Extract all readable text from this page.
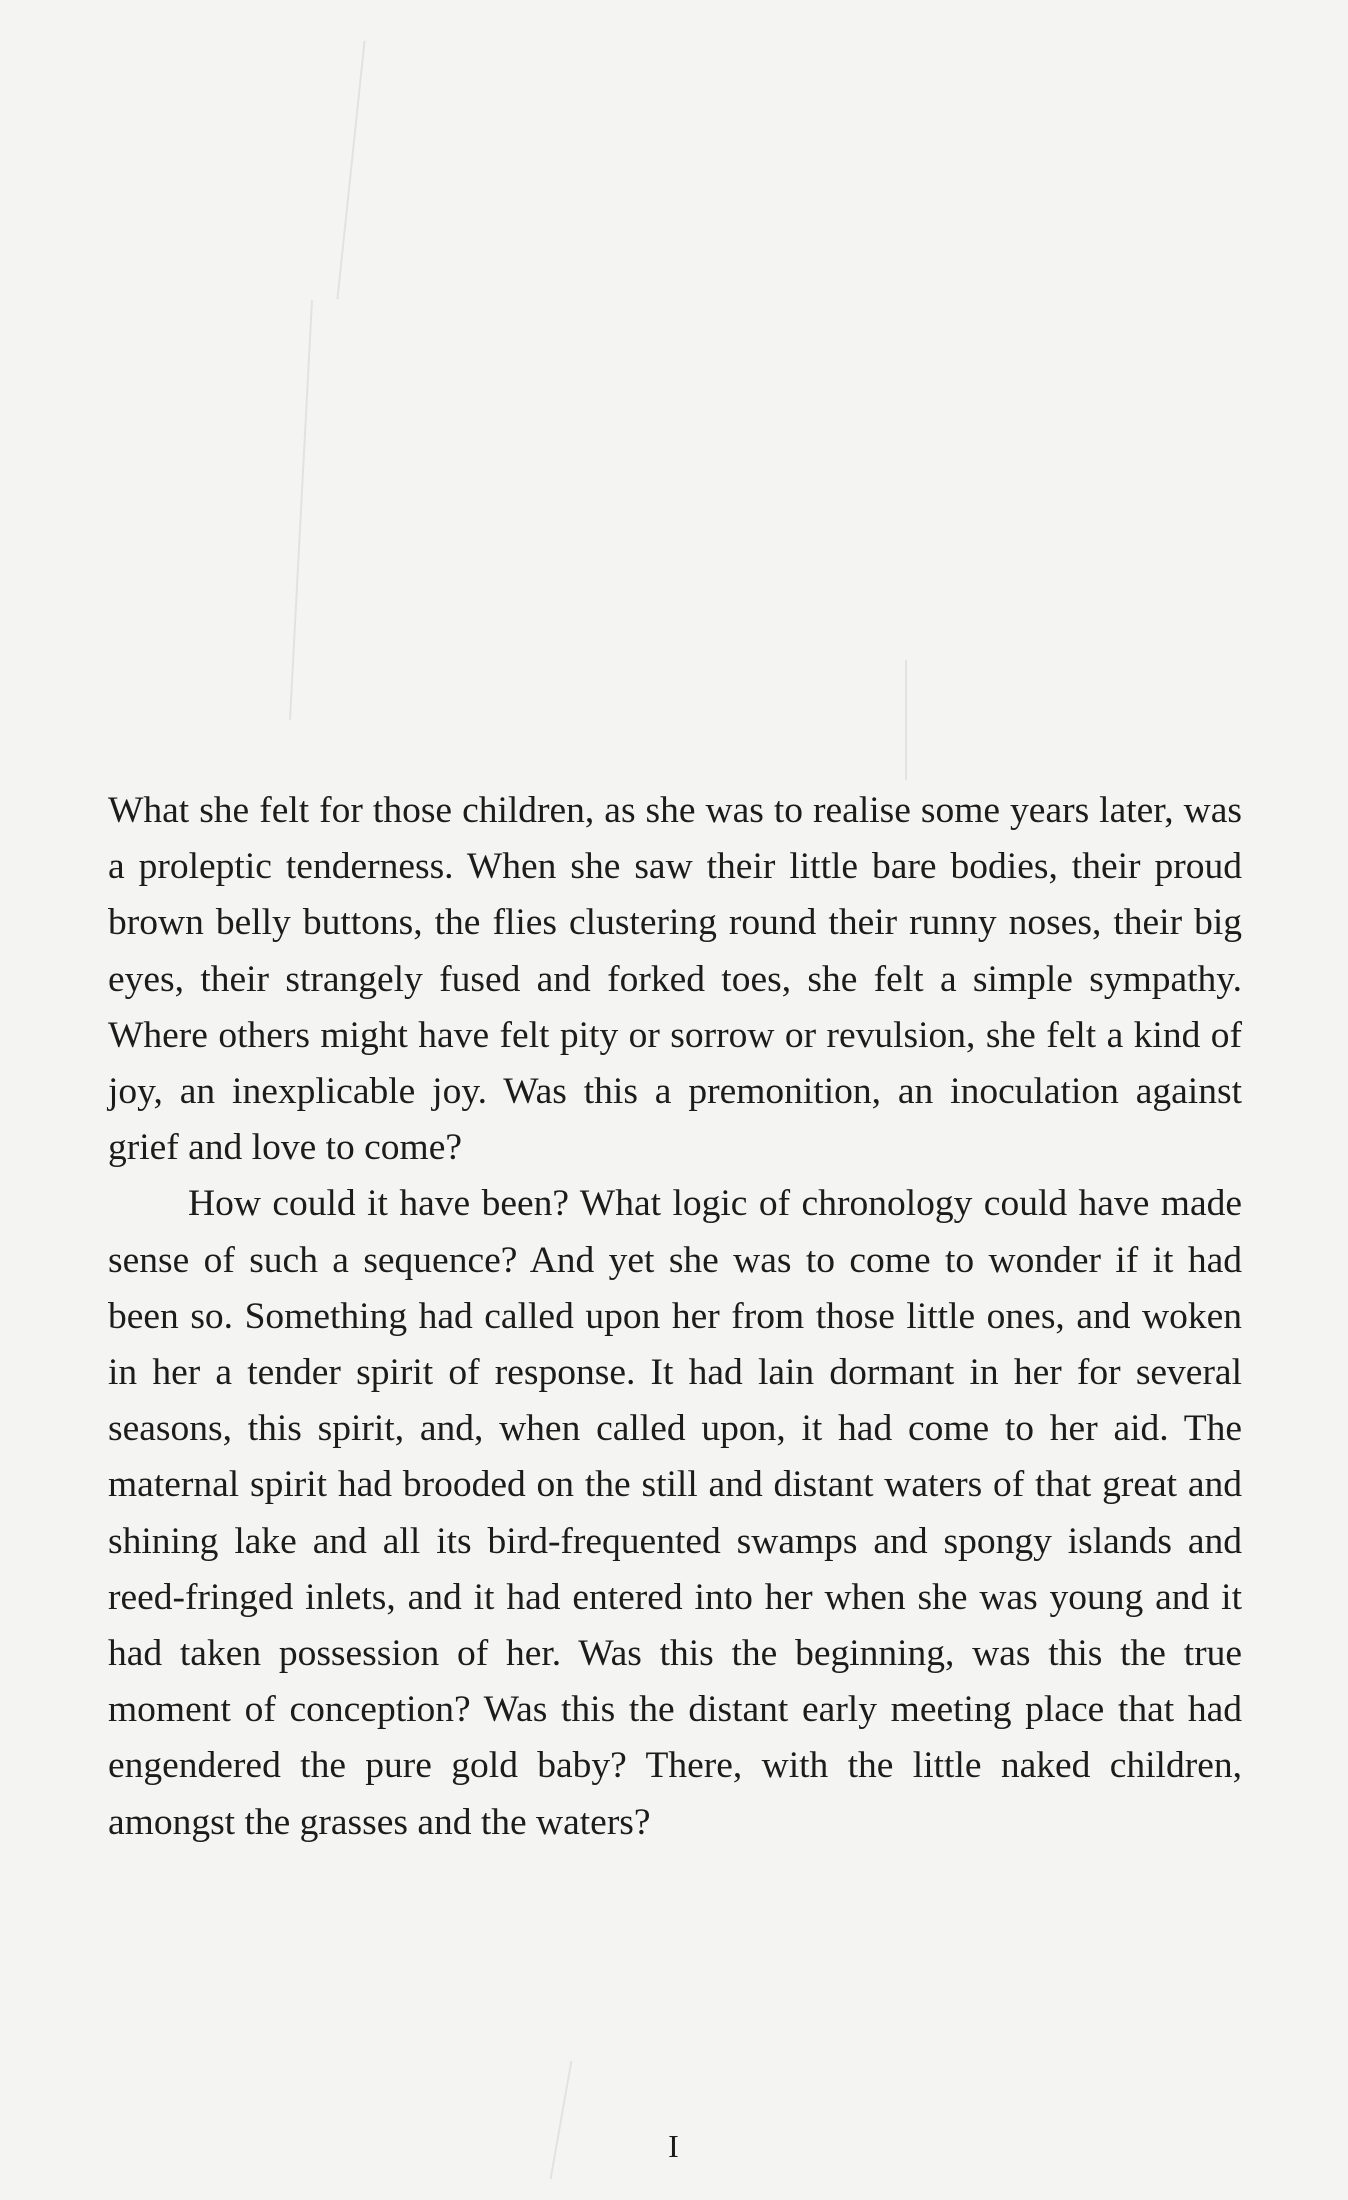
What she felt for those children, as she was to realise some years later, was a proleptic tenderness. When she saw their little bare bodies, their proud brown belly buttons, the flies clustering round their runny noses, their big eyes, their strangely fused and forked toes, she felt a simple sympathy. Where others might have felt pity or sorrow or revulsion, she felt a kind of joy, an inexplicable joy. Was this a premonition, an inoculation against grief and love to come?

How could it have been? What logic of chronology could have made sense of such a sequence? And yet she was to come to wonder if it had been so. Something had called upon her from those little ones, and woken in her a tender spirit of response. It had lain dormant in her for several seasons, this spirit, and, when called upon, it had come to her aid. The maternal spirit had brooded on the still and distant waters of that great and shining lake and all its bird-frequented swamps and spongy islands and reed-fringed inlets, and it had entered into her when she was young and it had taken possession of her. Was this the beginning, was this the true moment of conception? Was this the distant early meeting place that had engendered the pure gold baby? There, with the little naked children, amongst the grasses and the waters?

I
